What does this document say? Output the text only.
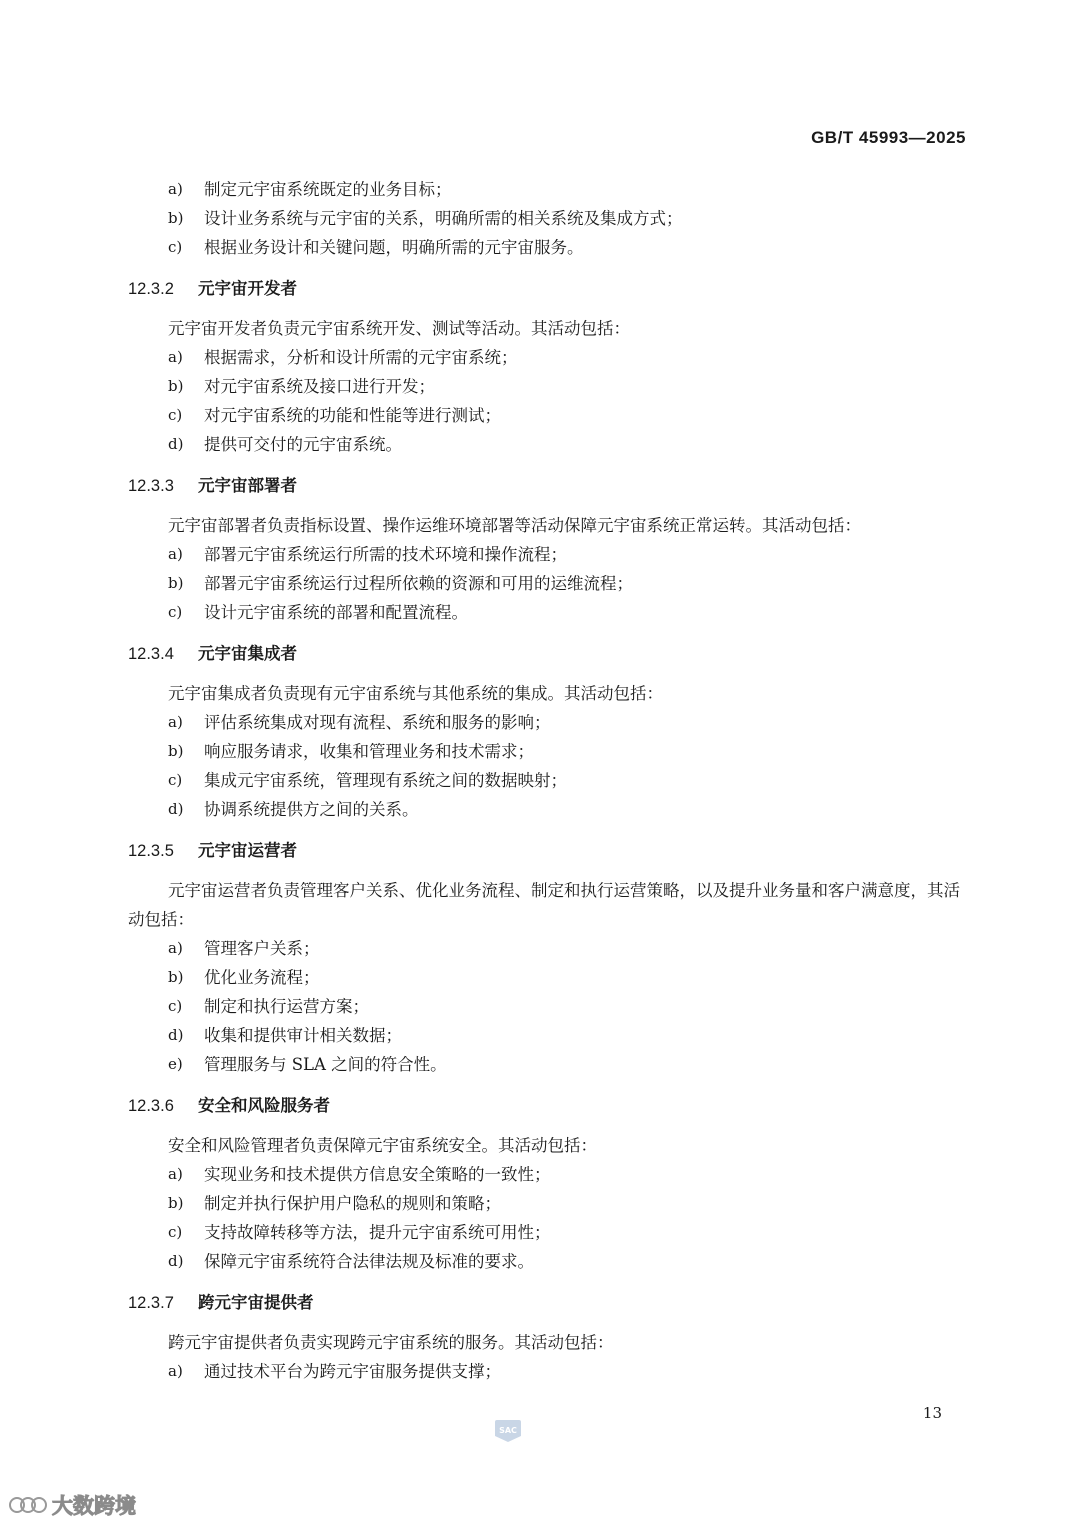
GB/T 45993—2025
a)	制定元宇宙系统既定的业务目标；
b)	设计业务系统与元宇宙的关系，明确所需的相关系统及集成方式；
c)	根据业务设计和关键问题，明确所需的元宇宙服务。
12.3.2 元宇宙开发者
元宇宙开发者负责元宇宙系统开发、测试等活动。其活动包括：
a)	根据需求，分析和设计所需的元宇宙系统；
b)	对元宇宙系统及接口进行开发；
c)	对元宇宙系统的功能和性能等进行测试；
d)	提供可交付的元宇宙系统。
12.3.3 元宇宙部署者
元宇宙部署者负责指标设置、操作运维环境部署等活动保障元宇宙系统正常运转。其活动包括：
a)	部署元宇宙系统运行所需的技术环境和操作流程；
b)	部署元宇宙系统运行过程所依赖的资源和可用的运维流程；
c)	设计元宇宙系统的部署和配置流程。
12.3.4 元宇宙集成者
元宇宙集成者负责现有元宇宙系统与其他系统的集成。其活动包括：
a)	评估系统集成对现有流程、系统和服务的影响；
b)	响应服务请求，收集和管理业务和技术需求；
c)	集成元宇宙系统，管理现有系统之间的数据映射；
d)	协调系统提供方之间的关系。
12.3.5 元宇宙运营者
元宇宙运营者负责管理客户关系、优化业务流程、制定和执行运营策略，以及提升业务量和客户满意度，其活动包括：
a)	管理客户关系；
b)	优化业务流程；
c)	制定和执行运营方案；
d)	收集和提供审计相关数据；
e)	管理服务与 SLA 之间的符合性。
12.3.6 安全和风险服务者
安全和风险管理者负责保障元宇宙系统安全。其活动包括：
a)	实现业务和技术提供方信息安全策略的一致性；
b)	制定并执行保护用户隐私的规则和策略；
c)	支持故障转移等方法，提升元宇宙系统可用性；
d)	保障元宇宙系统符合法律法规及标准的要求。
12.3.7 跨元宇宙提供者
跨元宇宙提供者负责实现跨元宇宙系统的服务。其活动包括：
a)	通过技术平台为跨元宇宙服务提供支撑；
13
SAC
大数跨境
